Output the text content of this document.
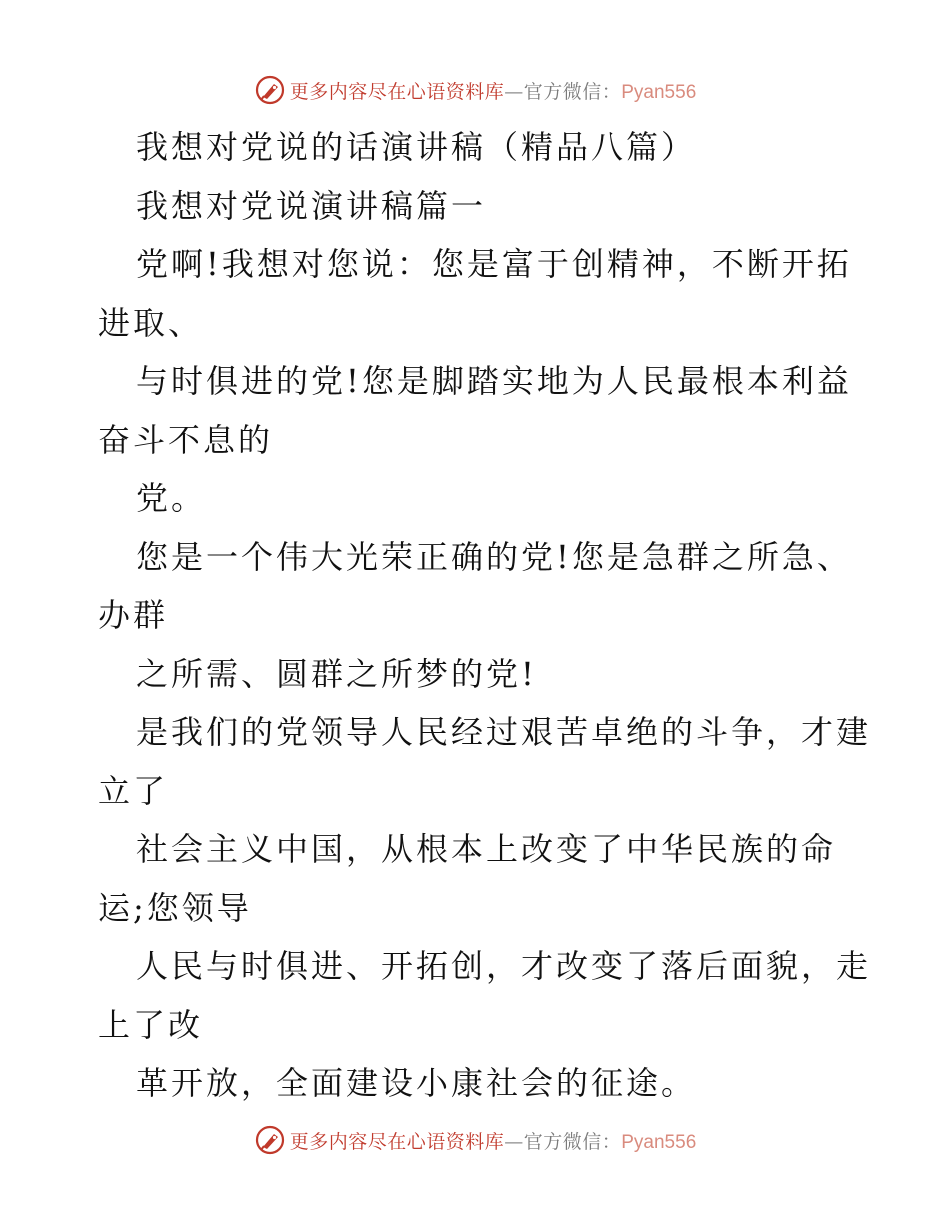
更多内容尽在心语资料库—官方微信：Pyan556
我想对党说的话演讲稿（精品八篇）
我想对党说演讲稿篇一
党啊!我想对您说：您是富于创精神，不断开拓
进取、
与时俱进的党!您是脚踏实地为人民最根本利益
奋斗不息的
党。
您是一个伟大光荣正确的党!您是急群之所急、
办群
之所需、圆群之所梦的党!
是我们的党领导人民经过艰苦卓绝的斗争，才建
立了
社会主义中国，从根本上改变了中华民族的命
运;您领导
人民与时俱进、开拓创，才改变了落后面貌，走
上了改
革开放，全面建设小康社会的征途。
更多内容尽在心语资料库—官方微信：Pyan556
